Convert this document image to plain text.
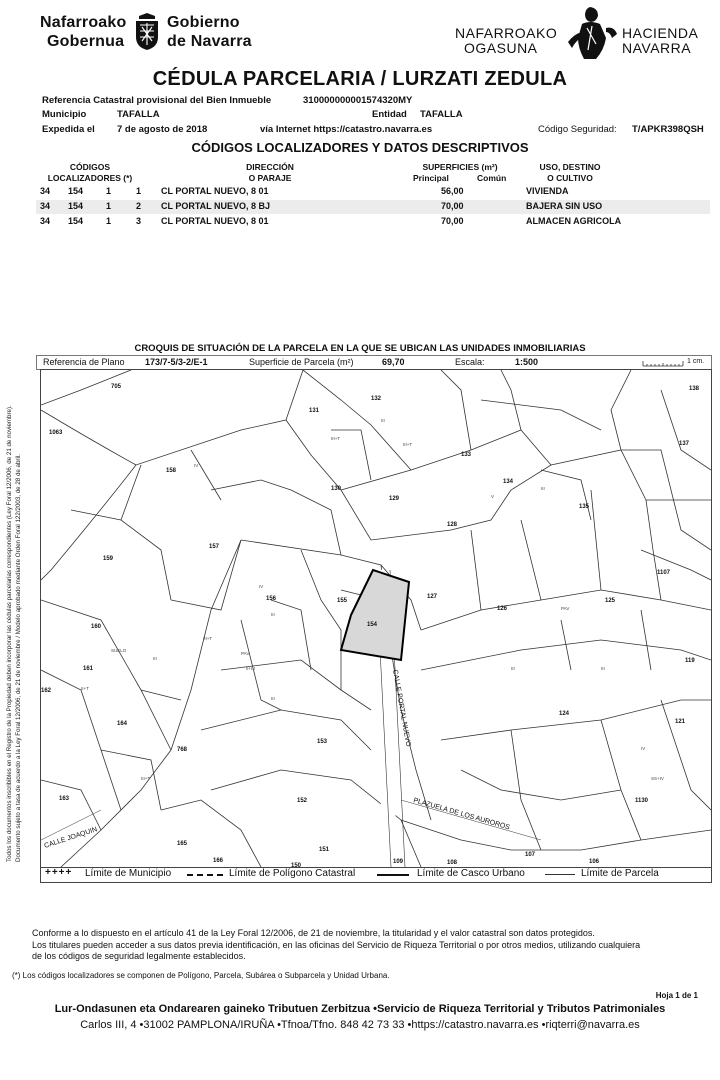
Nafarroako
Gobernua
Gobierno
de Navarra	NAFARROAKO
OGASUNA
HACIENDA
NAVARRA
CÉDULA PARCELARIA / LURZATI ZEDULA
Referencia Catastral provisional del Bien Inmueble	310000000001574320MY
Municipio	TAFALLA	Entidad TAFALLA
Expedida el 7 de agosto de 2018	vía Internet https://catastro.navarra.es	Código Seguridad: T/APKR398QSH
CÓDIGOS LOCALIZADORES Y DATOS DESCRIPTIVOS
CÓDIGOS
LOCALIZADORES (*)
DIRECCIÓN
O PARAJE
SUPERFICIES (m²)
Principal	Común
USO, DESTINO
O CULTIVO
34 154	1	1 CL PORTAL NUEVO, 8 01	56,00	VIVIENDA
34 154	1	2 CL PORTAL NUEVO, 8 BJ	70,00	BAJERA SIN USO
34 154	1	3 CL PORTAL NUEVO, 8 01	70,00	ALMACEN AGRICOLA
CROQUIS DE SITUACIÓN DE LA PARCELA EN LA QUE SE UBICAN LAS UNIDADES INMOBILIARIAS
Referencia de Plano 173/7-5/3-2/E-1	Superficie de Parcela (m²)	69,70	Escala:	1:500	1 cm.
705
131
132
138
1063
137
133
134
158
130
129
135
128
157
159
127
1107
156	155
154
125
160
126
119
161
162
164
153
124
121
768
163	152	1130
165
151
166
150
109	108
107
106
IV
III
III+T
III+T
V
III
IV
III
III+T
PAV
II+III
III
SUELO
III
III+T
III	III
IV
PAV
SS+IV
II+T	CALLE PORTAL NUEVO
PLAZUELA DE LOS AUROROS
CALLE JOAQUIN
Todos los documentos inscribibles en el Registro de la Propiedad deben incorporar las cédulas parcelarias correspondientes (Ley Foral 12/2006, de 21 de noviembre). Documento sujeto a tasa de acuerdo a la Ley Foral 12/2006, de 21 de noviembre / Modelo aprobado mediante Orden Foral 122/2003, de 28 de abril.
++++ Límite de Municipio	Límite de Polígono Catastral	Límite de Casco Urbano	Límite de Parcela
Conforme a lo dispuesto en el artículo 41 de la Ley Foral 12/2006, de 21 de noviembre, la titularidad y el valor catastral son datos protegidos.
Los titulares pueden acceder a sus datos previa identificación, en las oficinas del Servicio de Riqueza Territorial o por otros medios, utilizando cualquiera
de los códigos de seguridad legalmente establecidos.
(*) Los códigos localizadores se componen de Polígono, Parcela, Subárea o Subparcela y Unidad Urbana.
Hoja 1 de 1
Lur-Ondasunen eta Ondarearen gaineko Tributuen Zerbitzua •Servicio de Riqueza Territorial y Tributos Patrimoniales
Carlos III, 4 •31002 PAMPLONA/IRUÑA •Tfnoa/Tfno. 848 42 73 33 •https://catastro.navarra.es •riqterri@navarra.es
